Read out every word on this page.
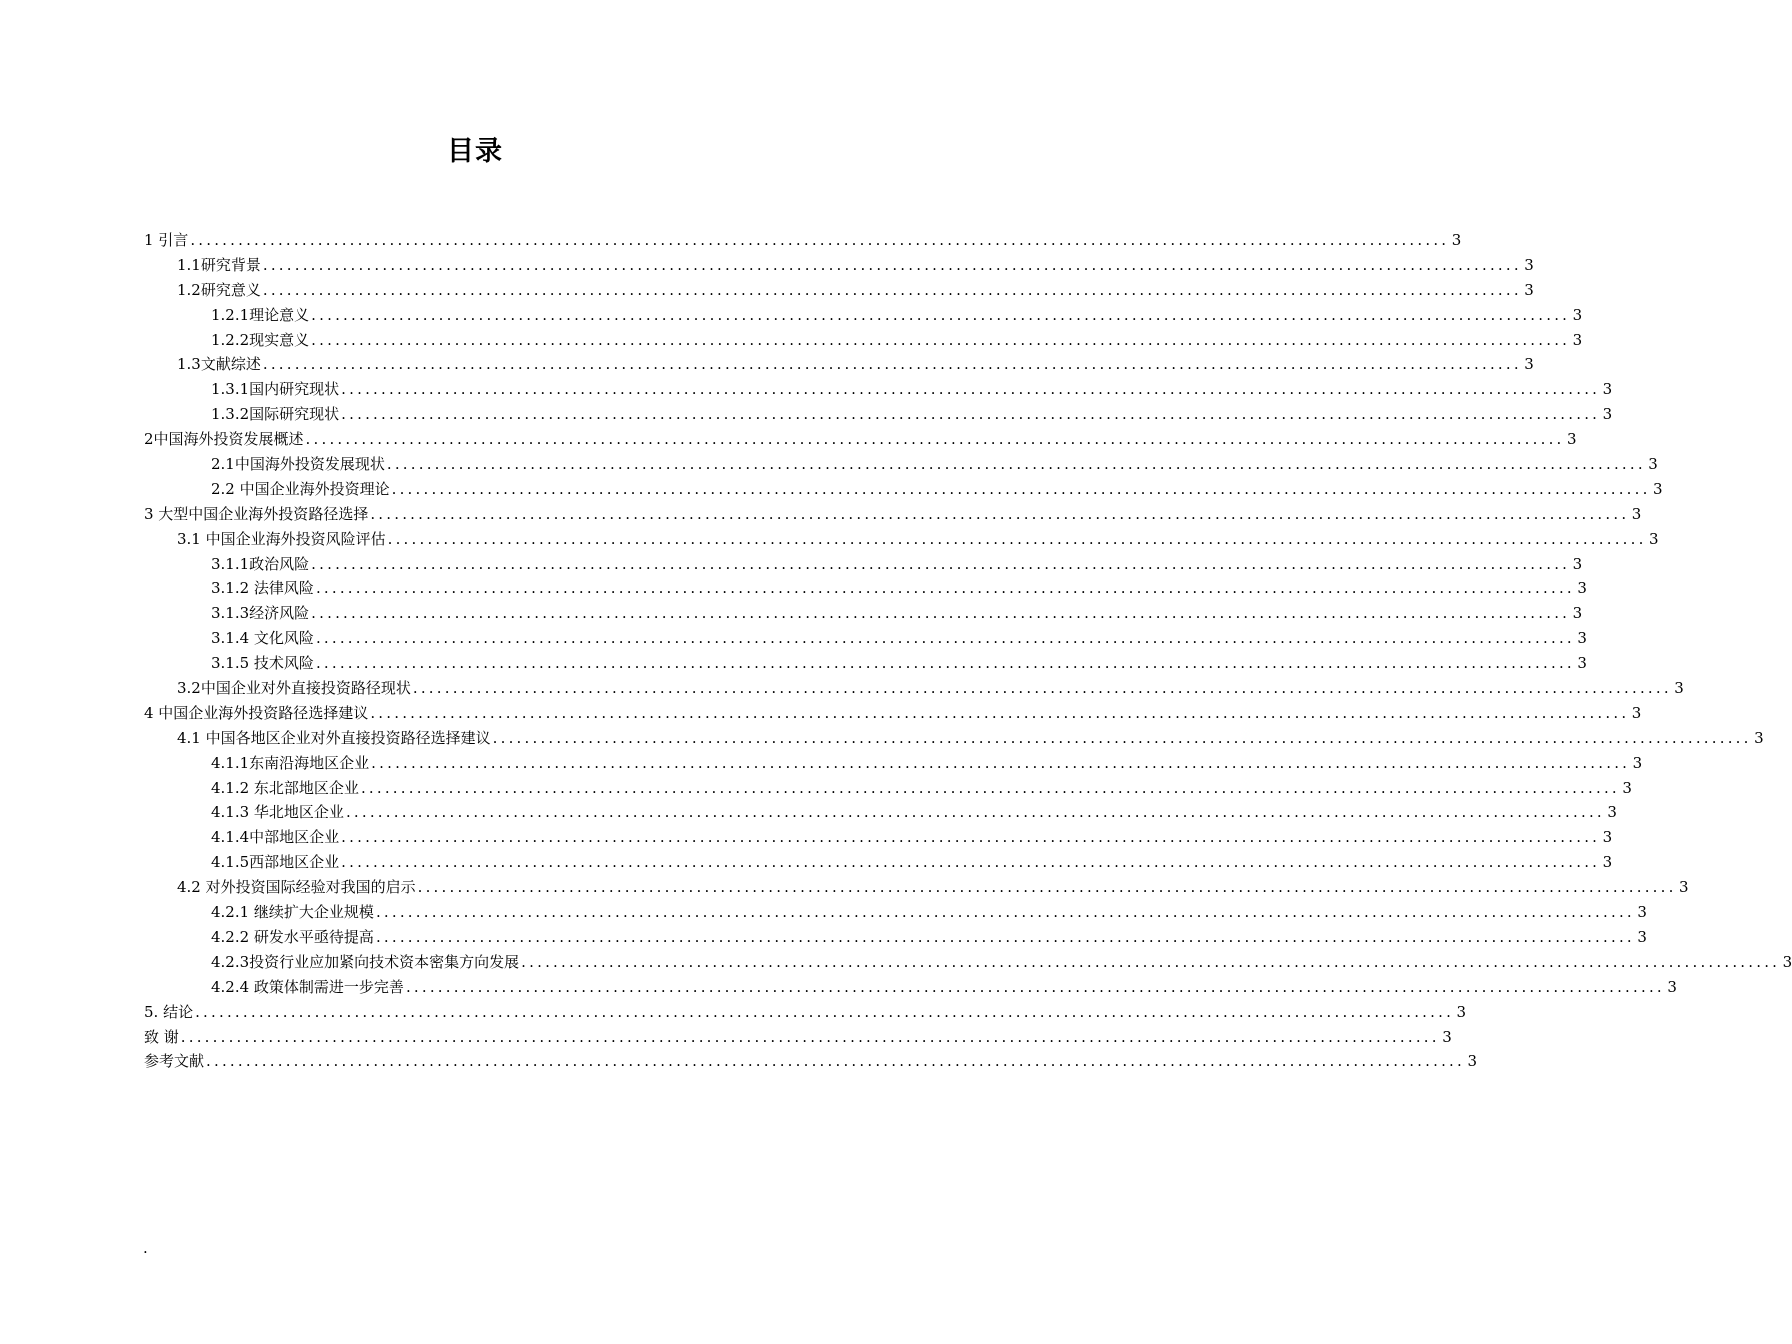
目录
1 引言 .............................................................................................................................................................. 3
1.1研究背景 .............................................................................................................................................................. 3
1.2研究意义 .............................................................................................................................................................. 3
1.2.1理论意义 .............................................................................................................................................................. 3
1.2.2现实意义 .............................................................................................................................................................. 3
1.3文献综述 .............................................................................................................................................................. 3
1.3.1国内研究现状 .............................................................................................................................................................. 3
1.3.2国际研究现状 .............................................................................................................................................................. 3
2中国海外投资发展概述 .............................................................................................................................................................. 3
2.1中国海外投资发展现状 .............................................................................................................................................................. 3
2.2 中国企业海外投资理论 .............................................................................................................................................................. 3
3 大型中国企业海外投资路径选择 .............................................................................................................................................................. 3
3.1 中国企业海外投资风险评估 .............................................................................................................................................................. 3
3.1.1政治风险 .............................................................................................................................................................. 3
3.1.2 法律风险 .............................................................................................................................................................. 3
3.1.3经济风险 .............................................................................................................................................................. 3
3.1.4 文化风险 .............................................................................................................................................................. 3
3.1.5 技术风险 .............................................................................................................................................................. 3
3.2中国企业对外直接投资路径现状 .............................................................................................................................................................. 3
4 中国企业海外投资路径选择建议 .............................................................................................................................................................. 3
4.1 中国各地区企业对外直接投资路径选择建议 .............................................................................................................................................................. 3
4.1.1东南沿海地区企业 .............................................................................................................................................................. 3
4.1.2 东北部地区企业 .............................................................................................................................................................. 3
4.1.3 华北地区企业 .............................................................................................................................................................. 3
4.1.4中部地区企业 .............................................................................................................................................................. 3
4.1.5西部地区企业 .............................................................................................................................................................. 3
4.2 对外投资国际经验对我国的启示 .............................................................................................................................................................. 3
4.2.1 继续扩大企业规模 .............................................................................................................................................................. 3
4.2.2 研发水平亟待提高 .............................................................................................................................................................. 3
4.2.3投资行业应加紧向技术资本密集方向发展 .............................................................................................................................................................. 3
4.2.4 政策体制需进一步完善 .............................................................................................................................................................. 3
5. 结论 .............................................................................................................................................................. 3
致 谢 .............................................................................................................................................................. 3
参考文献 .............................................................................................................................................................. 3
.
